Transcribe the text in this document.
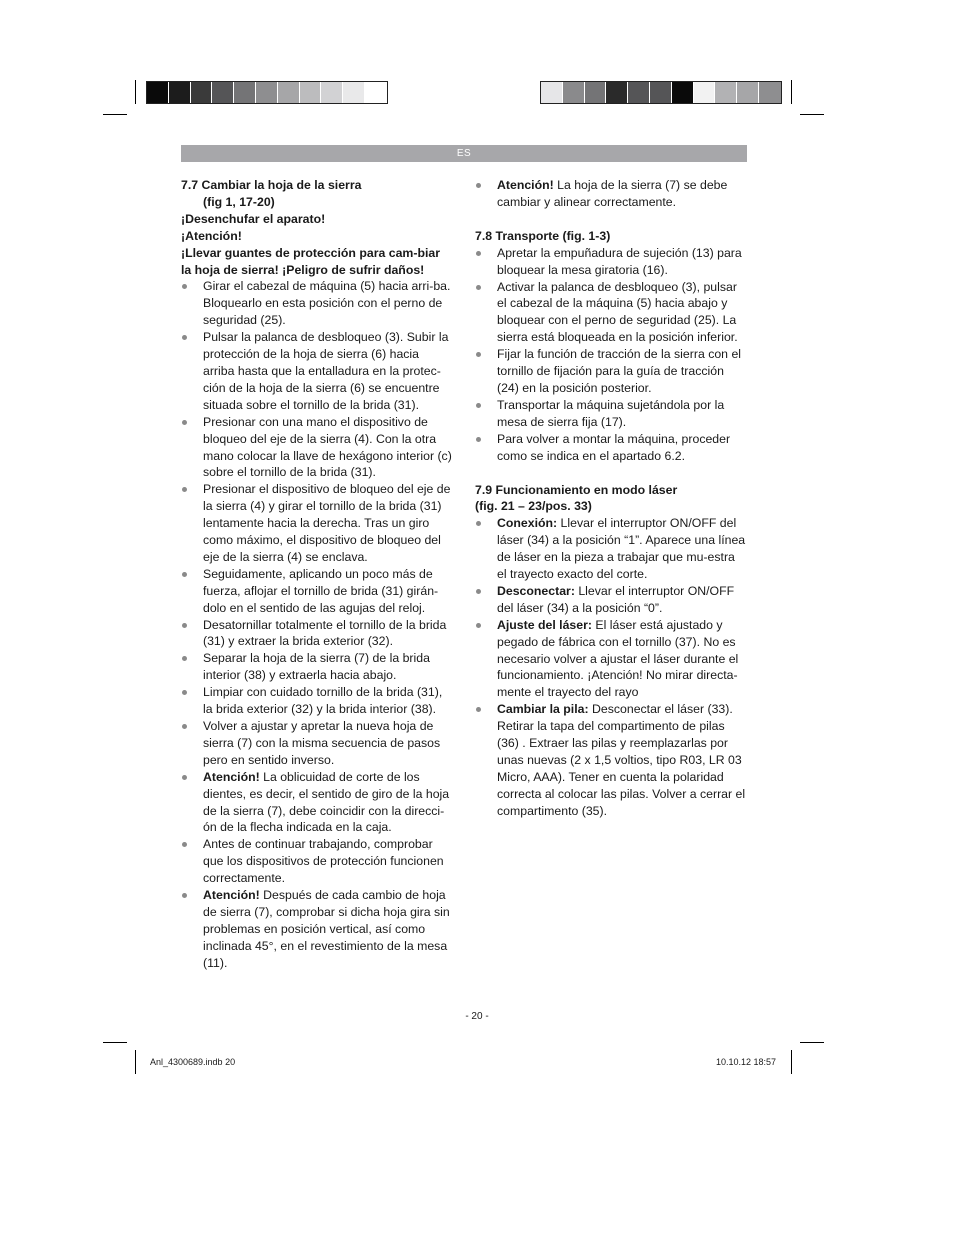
ES

7.7 Cambiar la hoja de la sierra
(fig 1, 17-20)

¡Desenchufar el aparato!

¡Atención!

¡Llevar guantes de protección para cam-biar la hoja de sierra! ¡Peligro de sufrir daños!

Girar el cabezal de máquina (5) hacia arri-ba. Bloquearlo en esta posición con el perno de seguridad (25).
Pulsar la palanca de desbloqueo (3). Subir la protección de la hoja de sierra (6) hacia arriba hasta que la entalladura en la protec-ción de la hoja de la sierra (6) se encuentre situada sobre el tornillo de la brida (31).
Presionar con una mano el dispositivo de bloqueo del eje de la sierra (4). Con la otra mano colocar la llave de hexágono interior (c) sobre el tornillo de la brida (31).
Presionar el dispositivo de bloqueo del eje de la sierra (4) y girar el tornillo de la brida (31) lentamente hacia la derecha. Tras un giro como máximo, el dispositivo de bloqueo del eje de la sierra (4) se enclava.
Seguidamente, aplicando un poco más de fuerza, aflojar el tornillo de brida (31) girán-dolo en el sentido de las agujas del reloj.
Desatornillar totalmente el tornillo de la brida (31) y extraer la brida exterior (32).
Separar la hoja de la sierra (7) de la brida interior (38) y extraerla hacia abajo.
Limpiar con cuidado tornillo de la brida (31), la brida exterior (32) y la brida interior (38).
Volver a ajustar y apretar la nueva hoja de sierra (7) con la misma secuencia de pasos pero en sentido inverso.
Atención! La oblicuidad de corte de los dientes, es decir, el sentido de giro de la hoja de la sierra (7), debe coincidir con la direcci-ón de la flecha indicada en la caja.
Antes de continuar trabajando, comprobar que los dispositivos de protección funcionen correctamente.
Atención! Después de cada cambio de hoja de sierra (7), comprobar si dicha hoja gira sin problemas en posición vertical, así como inclinada 45°, en el revestimiento de la mesa (11).
Atención! La hoja de la sierra (7) se debe cambiar y alinear correctamente.

7.8 Transporte (fig. 1-3)

Apretar la empuñadura de sujeción (13) para bloquear la mesa giratoria (16).
Activar la palanca de desbloqueo (3), pulsar el cabezal de la máquina (5) hacia abajo y bloquear con el perno de seguridad (25). La sierra está bloqueada en la posición inferior.
Fijar la función de tracción de la sierra con el tornillo de fijación para la guía de tracción (24) en la posición posterior.
Transportar la máquina sujetándola por la mesa de sierra fija (17).
Para volver a montar la máquina, proceder como se indica en el apartado 6.2.

7.9 Funcionamiento en modo láser
(fig. 21 – 23/pos. 33)

Conexión: Llevar el interruptor ON/OFF del láser (34) a la posición “1”. Aparece una línea de láser en la pieza a trabajar que mu-estra el trayecto exacto del corte.
Desconectar: Llevar el interruptor ON/OFF del láser (34) a la posición “0”.
Ajuste del láser: El láser está ajustado y pegado de fábrica con el tornillo (37). No es necesario volver a ajustar el láser durante el funcionamiento. ¡Atención! No mirar directa-mente el trayecto del rayo
Cambiar la pila: Desconectar el láser (33). Retirar la tapa del compartimento de pilas (36) . Extraer las pilas y reemplazarlas por unas nuevas (2 x 1,5 voltios, tipo R03, LR 03 Micro, AAA). Tener en cuenta la polaridad correcta al colocar las pilas. Volver a cerrar el compartimento (35).
- 20 -
Anl_4300689.indb 20	10.10.12 18:57
